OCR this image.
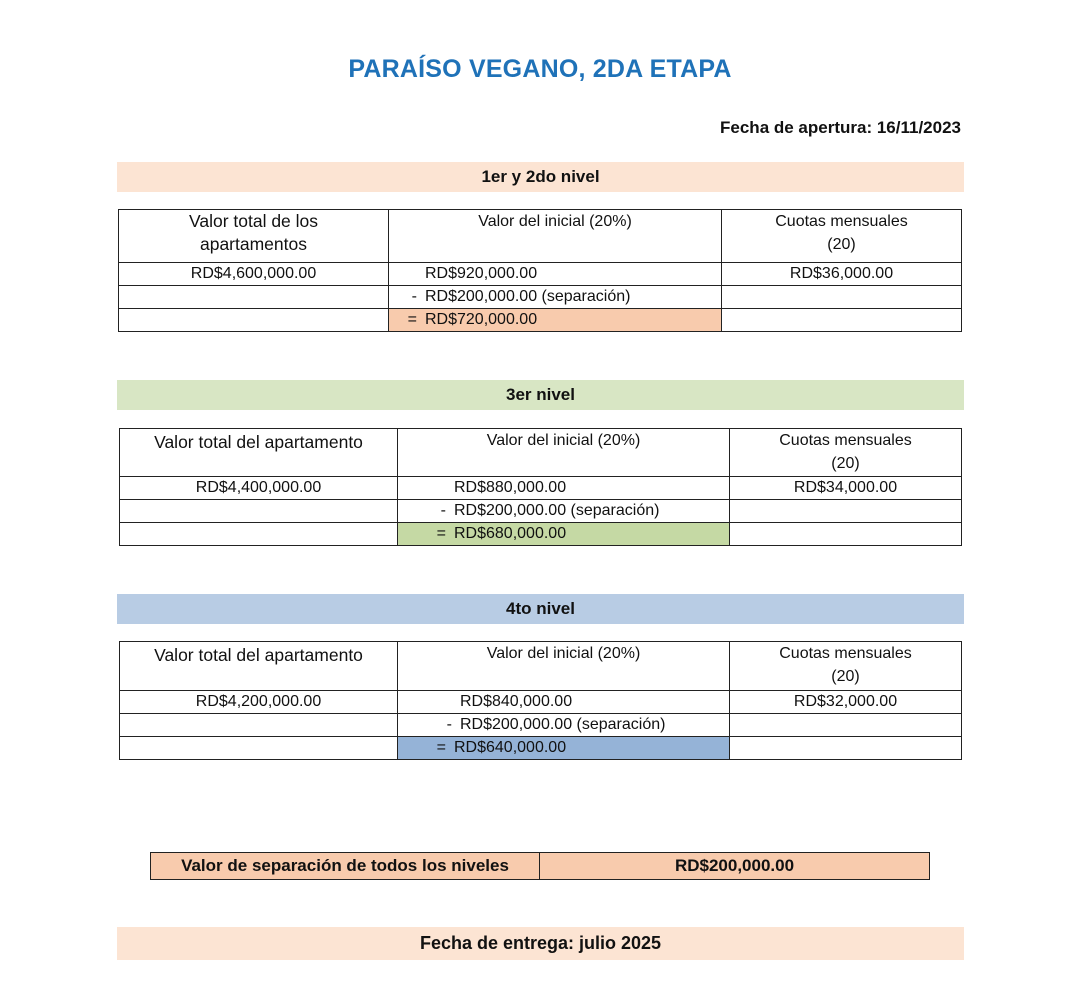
PARAÍSO VEGANO, 2DA ETAPA
Fecha de apertura: 16/11/2023
1er y 2do nivel
Valor total de los apartamentos	Valor del inicial (20%)	Cuotas mensuales (20)
RD$4,600,000.00	RD$920,000.00	RD$36,000.00
	- RD$200,000.00 (separación)	
	= RD$720,000.00	
3er nivel
Valor total del apartamento	Valor del inicial (20%)	Cuotas mensuales (20)
RD$4,400,000.00	RD$880,000.00	RD$34,000.00
	- RD$200,000.00 (separación)	
	= RD$680,000.00	
4to nivel
Valor total del apartamento	Valor del inicial (20%)	Cuotas mensuales (20)
RD$4,200,000.00	RD$840,000.00	RD$32,000.00
	- RD$200,000.00 (separación)	
	= RD$640,000.00	
Valor de separación de todos los niveles	RD$200,000.00
Fecha de entrega: julio 2025
